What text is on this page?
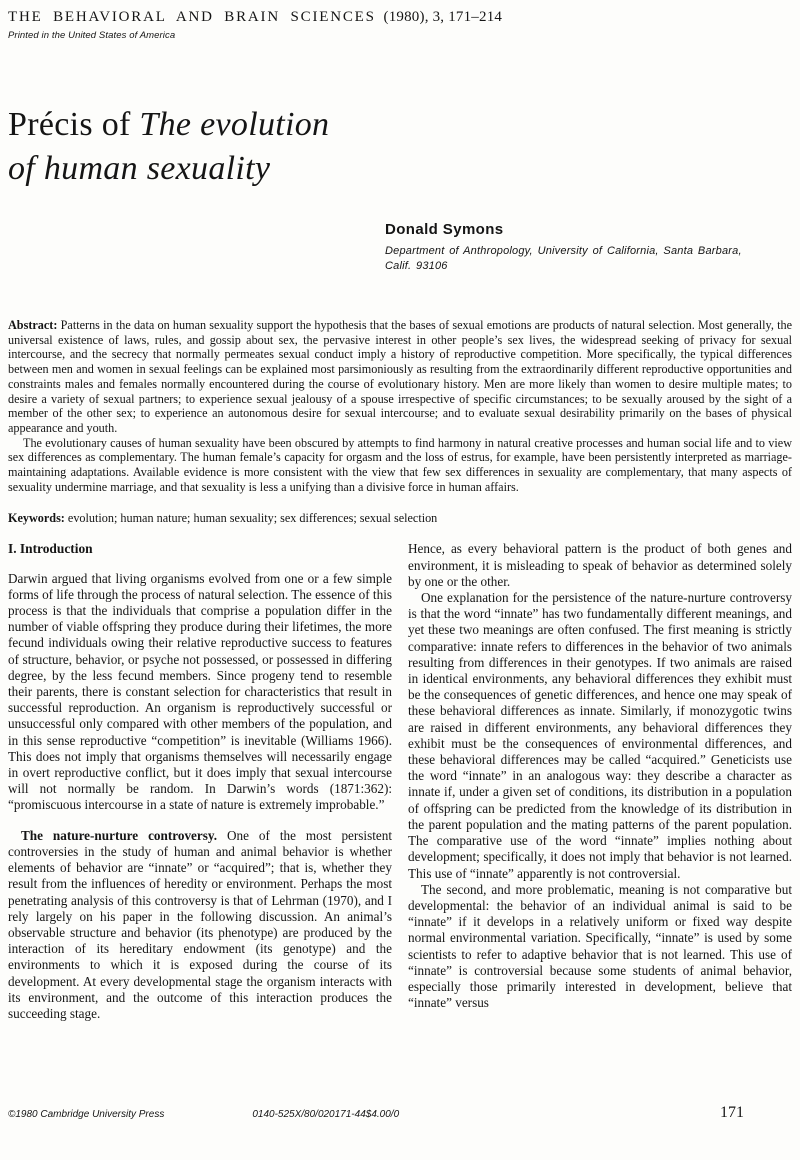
THE BEHAVIORAL AND BRAIN SCIENCES (1980), 3, 171–214
Printed in the United States of America
Précis of The evolution
of human sexuality
Donald Symons
Department of Anthropology, University of California, Santa Barbara, Calif. 93106

Abstract: Patterns in the data on human sexuality support the hypothesis that the bases of sexual emotions are products of natural selection. Most generally, the universal existence of laws, rules, and gossip about sex, the pervasive interest in other people’s sex lives, the widespread seeking of privacy for sexual intercourse, and the secrecy that normally permeates sexual conduct imply a history of reproductive competition. More specifically, the typical differences between men and women in sexual feelings can be explained most parsimoniously as resulting from the extraordinarily different reproductive opportunities and constraints males and females normally encountered during the course of evolutionary history. Men are more likely than women to desire multiple mates; to desire a variety of sexual partners; to experience sexual jealousy of a spouse irrespective of specific circumstances; to be sexually aroused by the sight of a member of the other sex; to experience an autonomous desire for sexual intercourse; and to evaluate sexual desirability primarily on the bases of physical appearance and youth.

The evolutionary causes of human sexuality have been obscured by attempts to find harmony in natural creative processes and human social life and to view sex differences as complementary. The human female’s capacity for orgasm and the loss of estrus, for example, have been persistently interpreted as marriage-maintaining adaptations. Available evidence is more consistent with the view that few sex differences in sexuality are complementary, that many aspects of sexuality undermine marriage, and that sexuality is less a unifying than a divisive force in human affairs.

Keywords: evolution; human nature; human sexuality; sex differences; sexual selection
I. Introduction

Darwin argued that living organisms evolved from one or a few simple forms of life through the process of natural selection. The essence of this process is that the individuals that comprise a population differ in the number of viable offspring they produce during their lifetimes, the more fecund individuals owing their relative reproductive success to features of structure, behavior, or psyche not possessed, or possessed in differing degree, by the less fecund members. Since progeny tend to resemble their parents, there is constant selection for characteristics that result in successful reproduction. An organism is reproductively successful or unsuccessful only compared with other members of the population, and in this sense reproductive “competition” is inevitable (Williams 1966). This does not imply that organisms themselves will necessarily engage in overt reproductive conflict, but it does imply that sexual intercourse will not normally be random. In Darwin’s words (1871:362): “promiscuous intercourse in a state of nature is extremely improbable.”

The nature-nurture controversy. One of the most persistent controversies in the study of human and animal behavior is whether elements of behavior are “innate” or “acquired”; that is, whether they result from the influences of heredity or environment. Perhaps the most penetrating analysis of this controversy is that of Lehrman (1970), and I rely largely on his paper in the following discussion. An animal’s observable structure and behavior (its phenotype) are produced by the interaction of its hereditary endowment (its genotype) and the environments to which it is exposed during the course of its development. At every developmental stage the organism interacts with its environment, and the outcome of this interaction produces the succeeding stage.

Hence, as every behavioral pattern is the product of both genes and environment, it is misleading to speak of behavior as determined solely by one or the other.

One explanation for the persistence of the nature-nurture controversy is that the word “innate” has two fundamentally different meanings, and yet these two meanings are often confused. The first meaning is strictly comparative: innate refers to differences in the behavior of two animals resulting from differences in their genotypes. If two animals are raised in identical environments, any behavioral differences they exhibit must be the consequences of genetic differences, and hence one may speak of these behavioral differences as innate. Similarly, if monozygotic twins are raised in different environments, any behavioral differences they exhibit must be the consequences of environmental differences, and these behavioral differences may be called “acquired.” Geneticists use the word “innate” in an analogous way: they describe a character as innate if, under a given set of conditions, its distribution in a population of offspring can be predicted from the knowledge of its distribution in the parent population and the mating patterns of the parent population. The comparative use of the word “innate” implies nothing about development; specifically, it does not imply that behavior is not learned. This use of “innate” apparently is not controversial.

The second, and more problematic, meaning is not comparative but developmental: the behavior of an individual animal is said to be “innate” if it develops in a relatively uniform or fixed way despite normal environmental variation. Specifically, “innate” is used by some scientists to refer to adaptive behavior that is not learned. This use of “innate” is controversial because some students of animal behavior, especially those primarily interested in development, believe that “innate” versus

©1980 Cambridge University Press	0140-525X/80/020171-44$4.00/0	171
